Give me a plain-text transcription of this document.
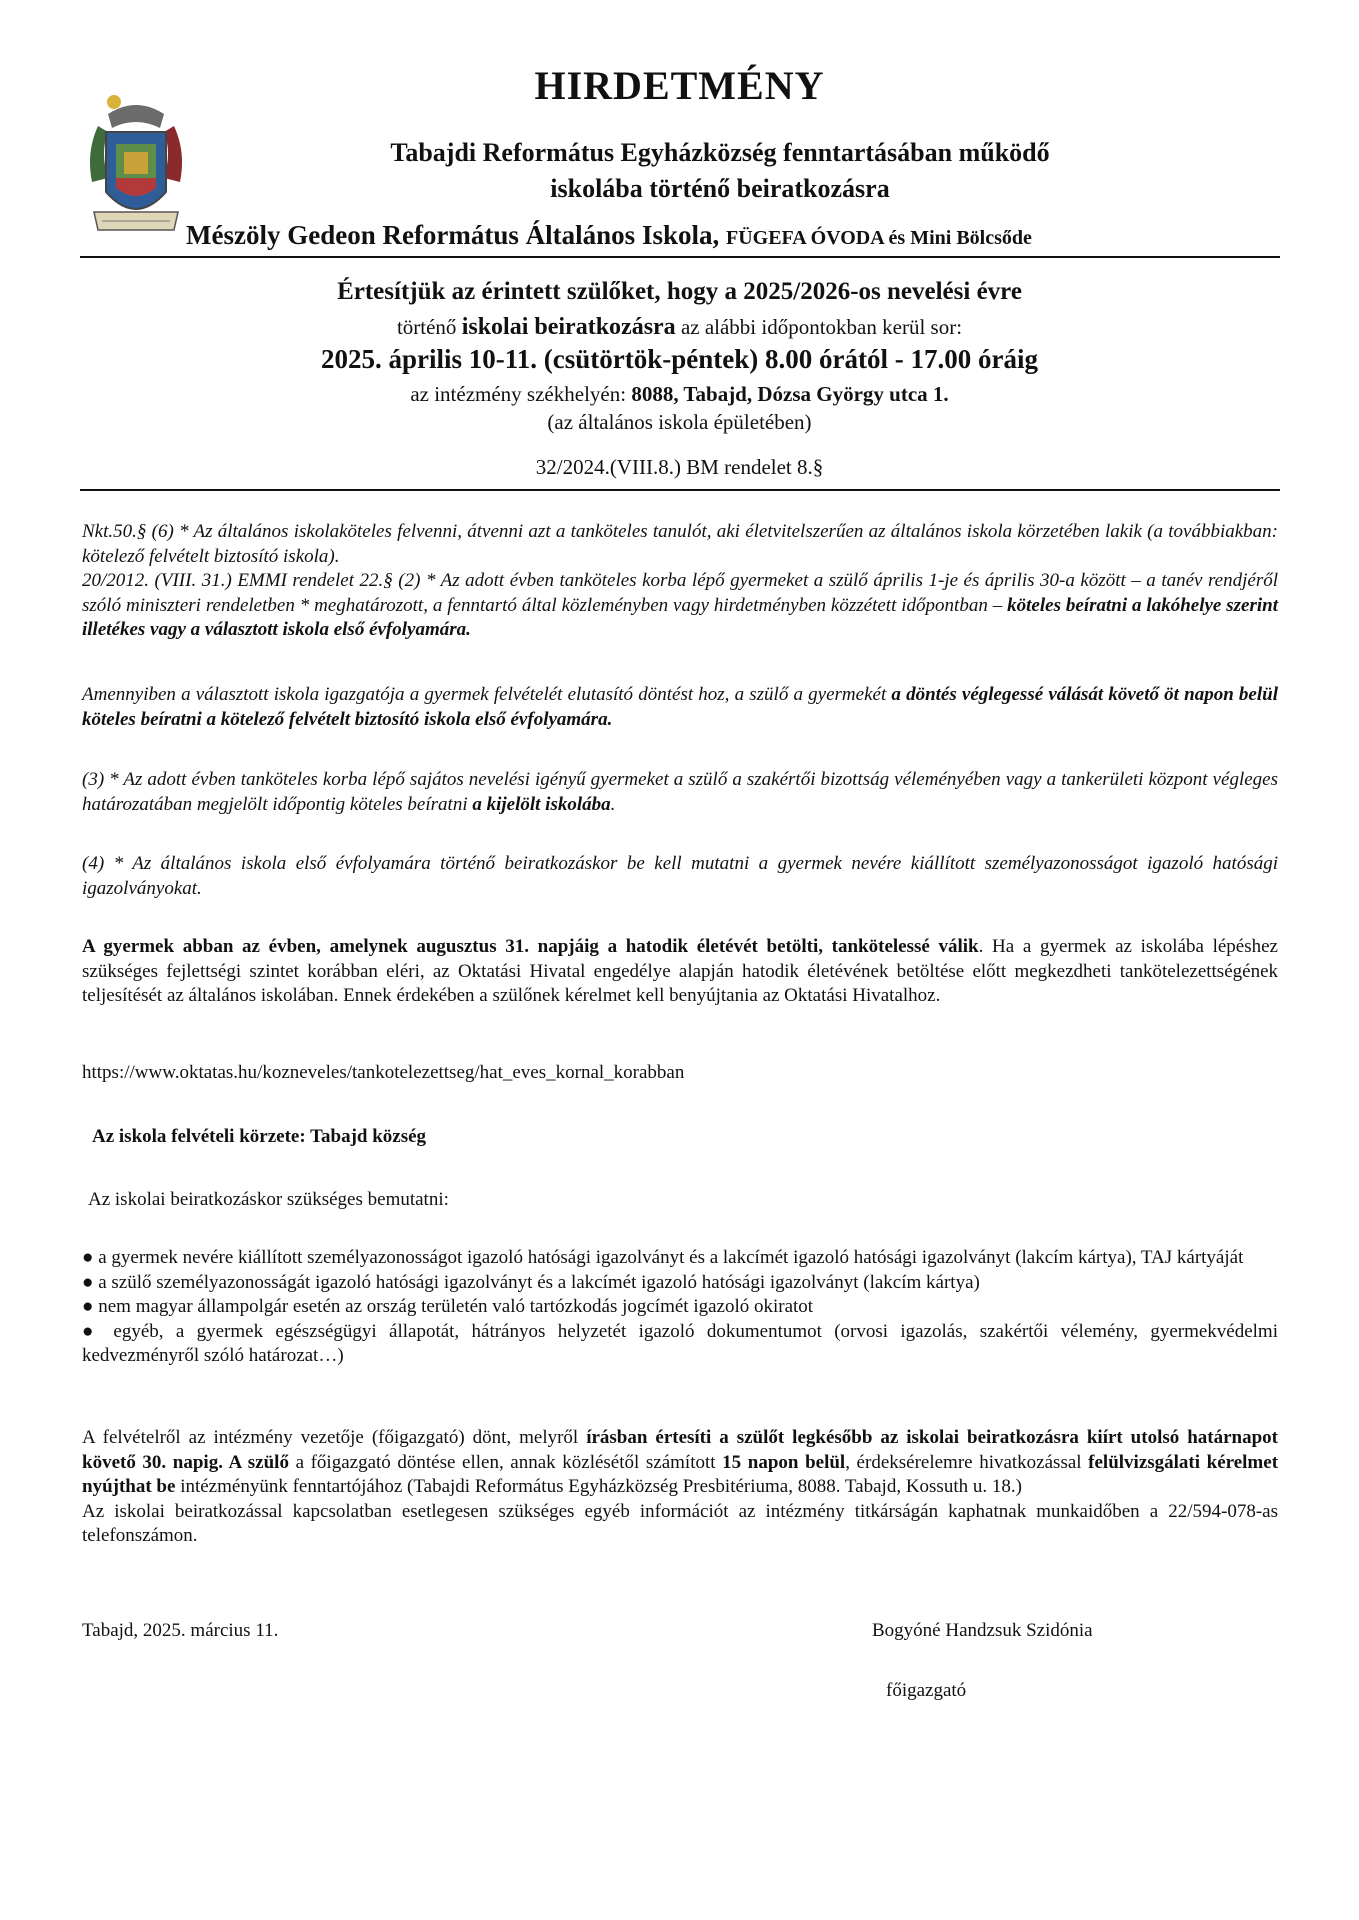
HIRDETMÉNY
Tabajdi Református Egyházközség fenntartásában működő
iskolába történő beiratkozásra
Mészöly Gedeon Református Általános Iskola, FÜGEFA ÓVODA és Mini Bölcsőde
Értesítjük az érintett szülőket, hogy a 2025/2026-os nevelési évre
történő iskolai beiratkozásra az alábbi időpontokban kerül sor:
2025. április 10-11. (csütörtök-péntek) 8.00 órától - 17.00 óráig
az intézmény székhelyén: 8088, Tabajd, Dózsa György utca 1.
(az általános iskola épületében)
32/2024.(VIII.8.) BM rendelet 8.§

Nkt.50.§ (6) * Az általános iskolaköteles felvenni, átvenni azt a tanköteles tanulót, aki életvitelszerűen az általános iskola körzetében lakik (a továbbiakban: kötelező felvételt biztosító iskola).

20/2012. (VIII. 31.) EMMI rendelet 22.§ (2) * Az adott évben tanköteles korba lépő gyermeket a szülő április 1-je és április 30-a között – a tanév rendjéről szóló miniszteri rendeletben * meghatározott, a fenntartó által közleményben vagy hirdetményben közzétett időpontban – köteles beíratni a lakóhelye szerint illetékes vagy a választott iskola első évfolyamára.

Amennyiben a választott iskola igazgatója a gyermek felvételét elutasító döntést hoz, a szülő a gyermekét a döntés véglegessé válását követő öt napon belül köteles beíratni a kötelező felvételt biztosító iskola első évfolyamára.
(3) * Az adott évben tanköteles korba lépő sajátos nevelési igényű gyermeket a szülő a szakértői bizottság véleményében vagy a tankerületi központ végleges határozatában megjelölt időpontig köteles beíratni a kijelölt iskolába.
(4) * Az általános iskola első évfolyamára történő beiratkozáskor be kell mutatni a gyermek nevére kiállított személyazonosságot igazoló hatósági igazolványokat.
A gyermek abban az évben, amelynek augusztus 31. napjáig a hatodik életévét betölti, tankötelessé válik. Ha a gyermek az iskolába lépéshez szükséges fejlettségi szintet korábban eléri, az Oktatási Hivatal engedélye alapján hatodik életévének betöltése előtt megkezdheti tankötelezettségének teljesítését az általános iskolában. Ennek érdekében a szülőnek kérelmet kell benyújtania az Oktatási Hivatalhoz.
https://www.oktatas.hu/kozneveles/tankotelezettseg/hat_eves_kornal_korabban
Az iskola felvételi körzete: Tabajd község
Az iskolai beiratkozáskor szükséges bemutatni:

● a gyermek nevére kiállított személyazonosságot igazoló hatósági igazolványt és a lakcímét igazoló hatósági igazolványt (lakcím kártya), TAJ kártyáját

● a szülő személyazonosságát igazoló hatósági igazolványt és a lakcímét igazoló hatósági igazolványt (lakcím kártya)

● nem magyar állampolgár esetén az ország területén való tartózkodás jogcímét igazoló okiratot

● egyéb, a gyermek egészségügyi állapotát, hátrányos helyzetét igazoló dokumentumot (orvosi igazolás, szakértői vélemény, gyermekvédelmi kedvezményről szóló határozat…)

A felvételről az intézmény vezetője (főigazgató) dönt, melyről írásban értesíti a szülőt legkésőbb az iskolai beiratkozásra kiírt utolsó határnapot követő 30. napig. A szülő a főigazgató döntése ellen, annak közlésétől számított 15 napon belül, érdeksérelemre hivatkozással felülvizsgálati kérelmet nyújthat be intézményünk fenntartójához (Tabajdi Református Egyházközség Presbitériuma, 8088. Tabajd, Kossuth u. 18.)

Az iskolai beiratkozással kapcsolatban esetlegesen szükséges egyéb információt az intézmény titkárságán kaphatnak munkaidőben a 22/594-078-as telefonszámon.

Tabajd, 2025. március 11.	Bogyóné Handzsuk Szidónia
főigazgató
